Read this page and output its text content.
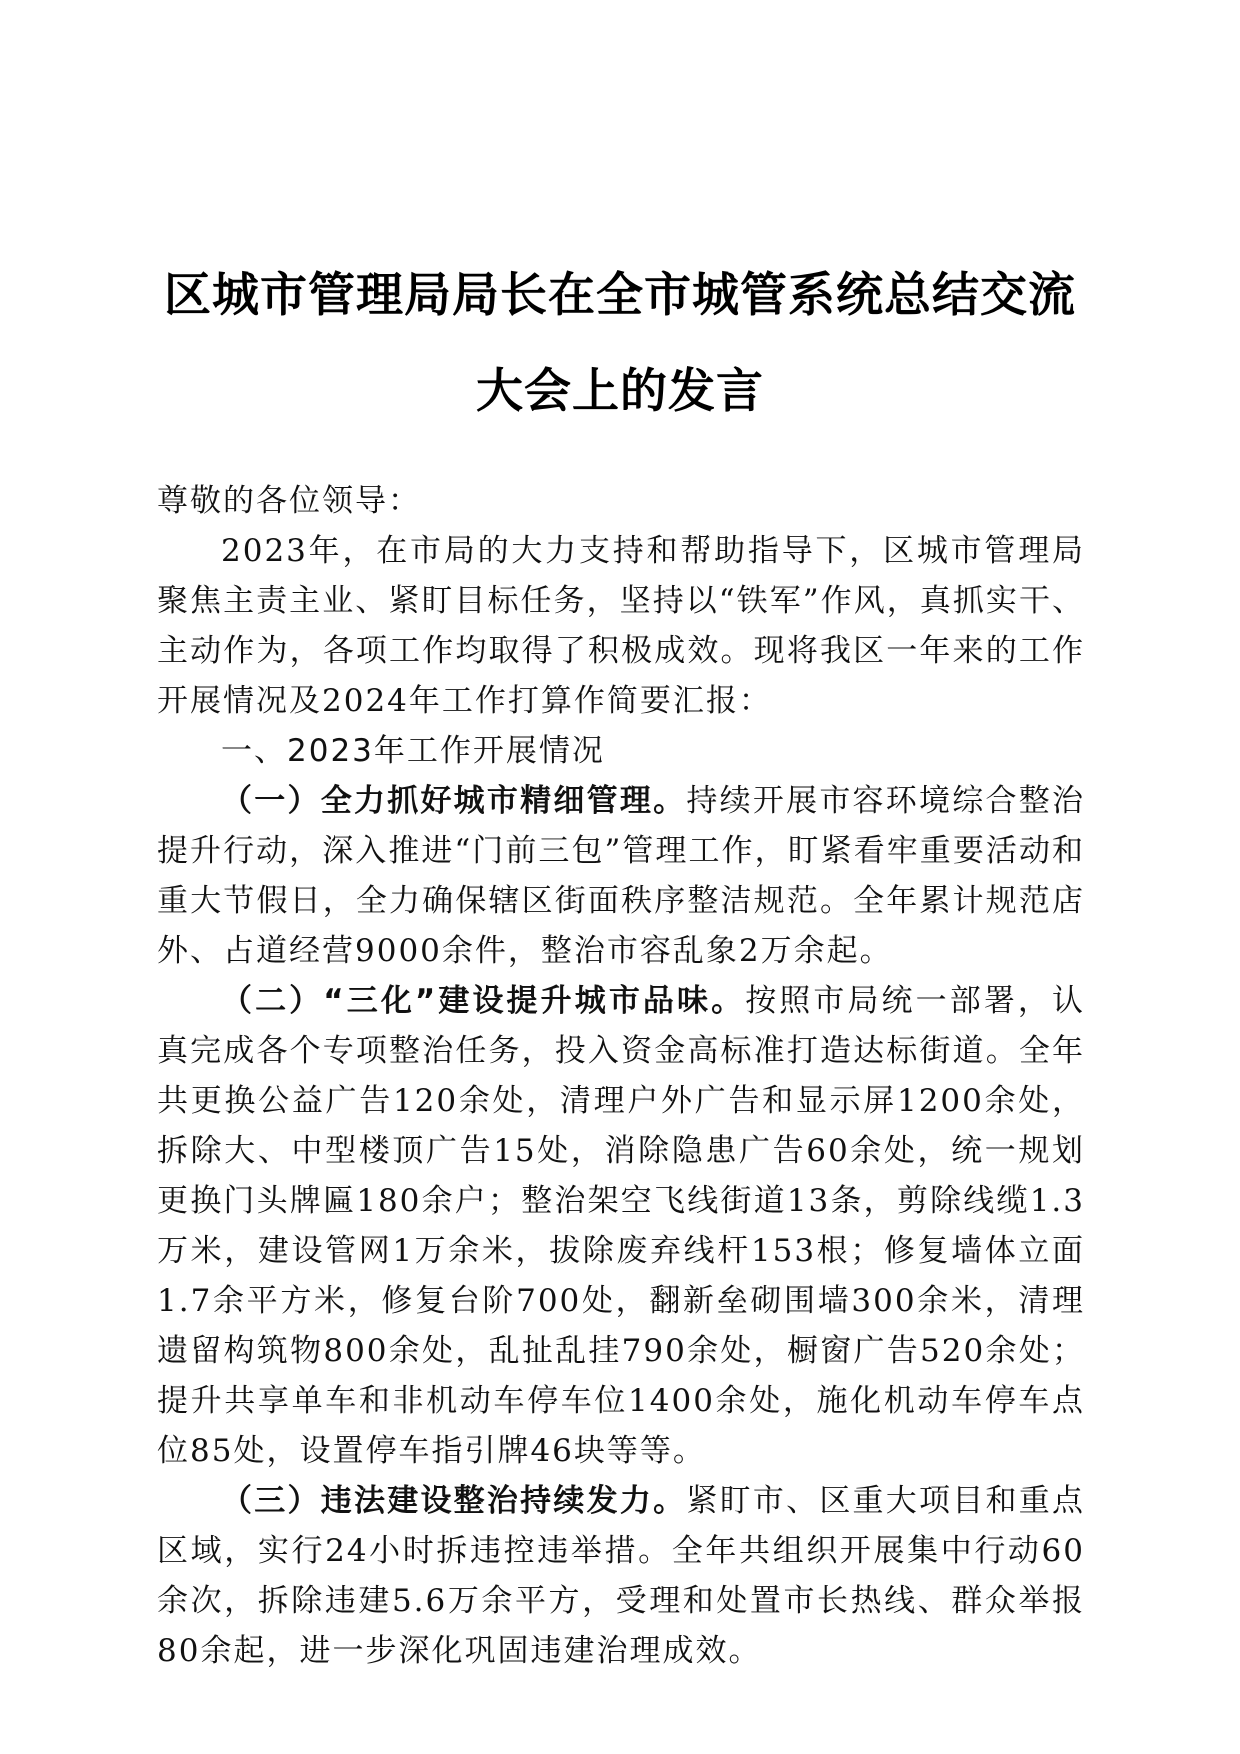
区城市管理局局长在全市城管系统总结交流大会上的发言

尊敬的各位领导：

2023年，在市局的大力支持和帮助指导下，区城市管理局聚焦主责主业、紧盯目标任务，坚持以“铁军”作风，真抓实干、主动作为，各项工作均取得了积极成效。现将我区一年来的工作开展情况及2024年工作打算作简要汇报：

一、2023年工作开展情况

（一）全力抓好城市精细管理。持续开展市容环境综合整治提升行动，深入推进“门前三包”管理工作，盯紧看牢重要活动和重大节假日，全力确保辖区街面秩序整洁规范。全年累计规范店外、占道经营9000余件，整治市容乱象2万余起。

（二）“三化”建设提升城市品味。按照市局统一部署，认真完成各个专项整治任务，投入资金高标准打造达标街道。全年共更换公益广告120余处，清理户外广告和显示屏1200余处，拆除大、中型楼顶广告15处，消除隐患广告60余处，统一规划更换门头牌匾180余户；整治架空飞线街道13条，剪除线缆1.3万米，建设管网1万余米，拔除废弃线杆153根；修复墙体立面1.7余平方米，修复台阶700处，翻新垒砌围墙300余米，清理遗留构筑物800余处，乱扯乱挂790余处，橱窗广告520余处；提升共享单车和非机动车停车位1400余处，施化机动车停车点位85处，设置停车指引牌46块等等。

（三）违法建设整治持续发力。紧盯市、区重大项目和重点区域，实行24小时拆违控违举措。全年共组织开展集中行动60余次，拆除违建5.6万余平方，受理和处置市长热线、群众举报80余起，进一步深化巩固违建治理成效。
